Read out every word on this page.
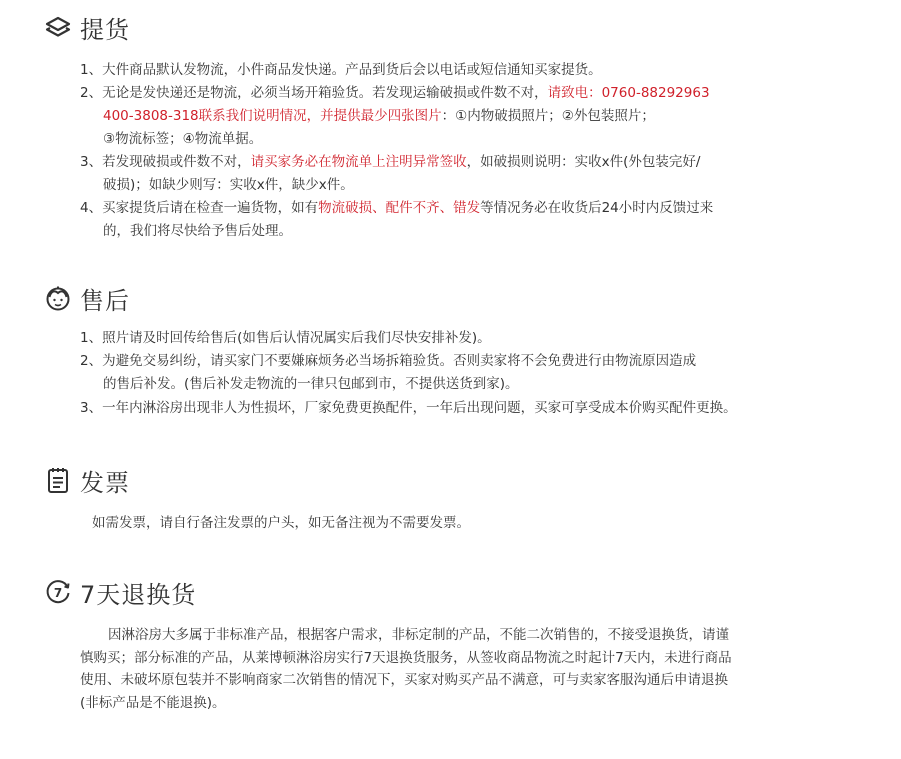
提货
1、大件商品默认发物流，小件商品发快递。产品到货后会以电话或短信通知买家提货。
2、无论是发快递还是物流，必须当场开箱验货。若发现运输破损或件数不对，请致电：0760-88292963
400-3808-318联系我们说明情况，并提供最少四张图片：①内物破损照片；②外包装照片；
③物流标签；④物流单据。
3、若发现破损或件数不对，请买家务必在物流单上注明异常签收，如破损则说明：实收x件(外包装完好/
破损)；如缺少则写：实收x件，缺少x件。
4、买家提货后请在检查一遍货物，如有物流破损、配件不齐、错发等情况务必在收货后24小时内反馈过来
的，我们将尽快给予售后处理。
售后
1、照片请及时回传给售后(如售后认情况属实后我们尽快安排补发)。
2、为避免交易纠纷，请买家门不要嫌麻烦务必当场拆箱验货。否则卖家将不会免费进行由物流原因造成
的售后补发。(售后补发走物流的一律只包邮到市，不提供送货到家)。
3、一年内淋浴房出现非人为性损坏，厂家免费更换配件，一年后出现问题，买家可享受成本价购买配件更换。
发票
如需发票，请自行备注发票的户头，如无备注视为不需要发票。
7 7天退换货
因淋浴房大多属于非标准产品，根据客户需求，非标定制的产品，不能二次销售的，不接受退换货，请谨
慎购买；部分标准的产品，从莱博顿淋浴房实行7天退换货服务，从签收商品物流之时起计7天内，未进行商品
使用、未破坏原包装并不影响商家二次销售的情况下，买家对购买产品不满意，可与卖家客服沟通后申请退换
(非标产品是不能退换)。
